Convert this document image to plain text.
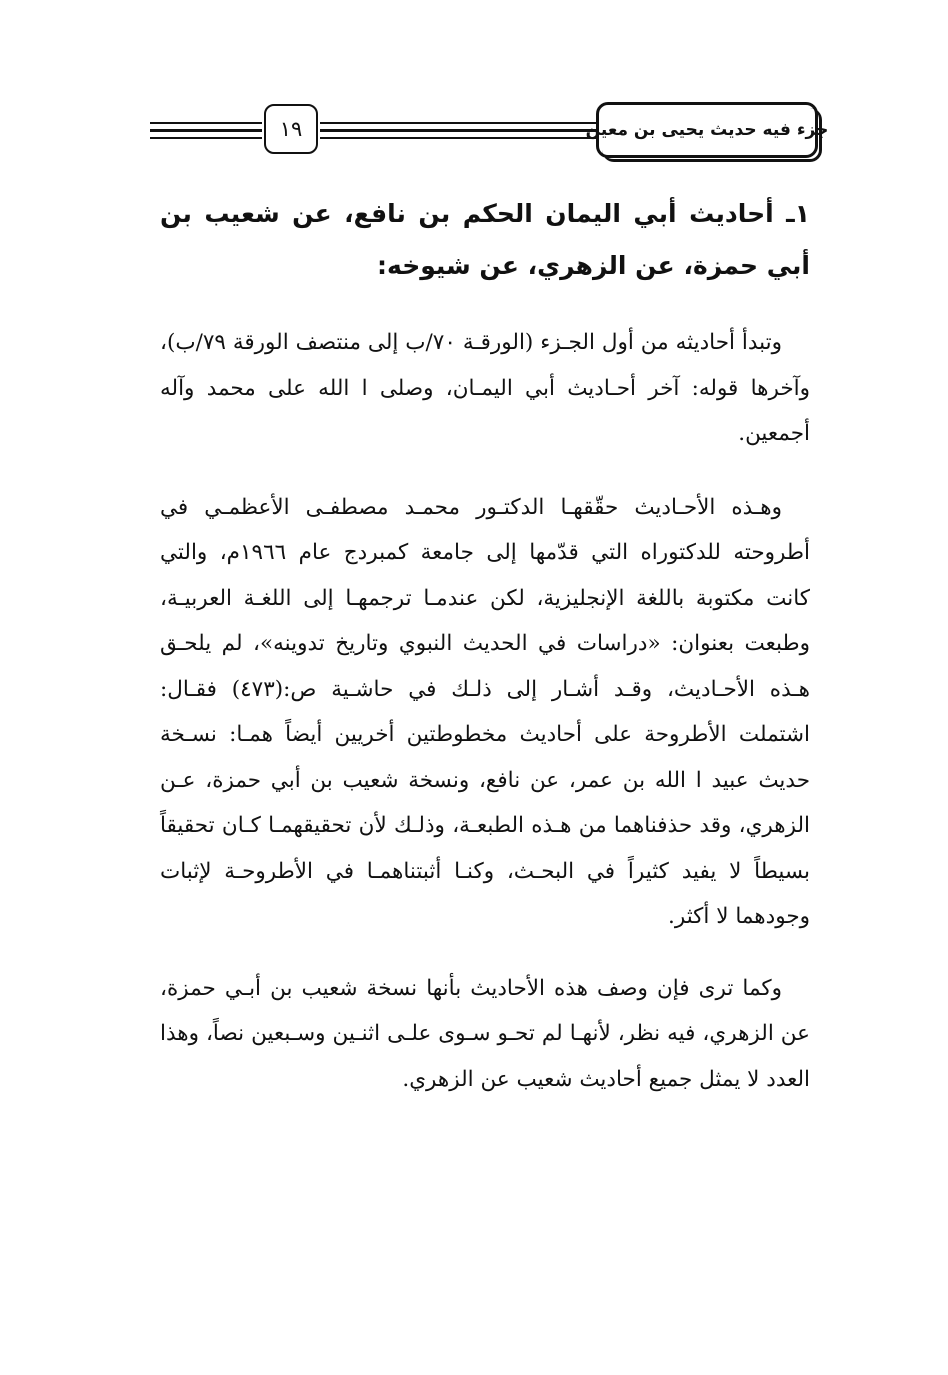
١٩	جزء فيه حديث يحيى بن معين
١ـ أحاديث أبي اليمان الحكم بن نافع، عن شعيب بن أبي حمزة، عن الزهري، عن شيوخه:

وتبدأ أحاديثه من أول الجـزء (الورقـة ٧٠/ب إلى منتصف الورقة ٧٩/ب)، وآخرها قوله: آخر أحـاديث أبي اليمـان، وصلى ا الله على محمد وآله أجمعين.

وهـذه الأحـاديث حقّقهـا الدكتـور محمـد مصطفـى الأعظمـي في أطروحته للدكتوراه التي قدّمها إلى جامعة كمبردج عام ١٩٦٦م، والتي كانت مكتوبة باللغة الإنجليزية، لكن عندمـا ترجمهـا إلى اللغـة العربيـة، وطبعت بعنوان: «دراسات في الحديث النبوي وتاريخ تدوينه»، لم يلحـق هـذه الأحـاديث، وقـد أشـار إلى ذلـك في حاشـية ص:(٤٧٣) فقـال: اشتملت الأطروحة على أحاديث مخطوطتين أخريين أيضاً همـا: نسـخة حديث عبيد ا الله بن عمر، عن نافع، ونسخة شعيب بن أبي حمزة، عـن الزهري، وقد حذفناهما من هـذه الطبعـة، وذلـك لأن تحقيقهمـا كـان تحقيقاً بسيطاً لا يفيد كثيراً في البحـث، وكنـا أثبتناهمـا في الأطروحـة لإثبات وجودهما لا أكثر.

وكما ترى فإن وصف هذه الأحاديث بأنها نسخة شعيب بن أبـي حمزة، عن الزهري، فيه نظر، لأنهـا لم تحـو سـوى علـى اثنـين وسـبعين نصاً، وهذا العدد لا يمثل جميع أحاديث شعيب عن الزهري.
